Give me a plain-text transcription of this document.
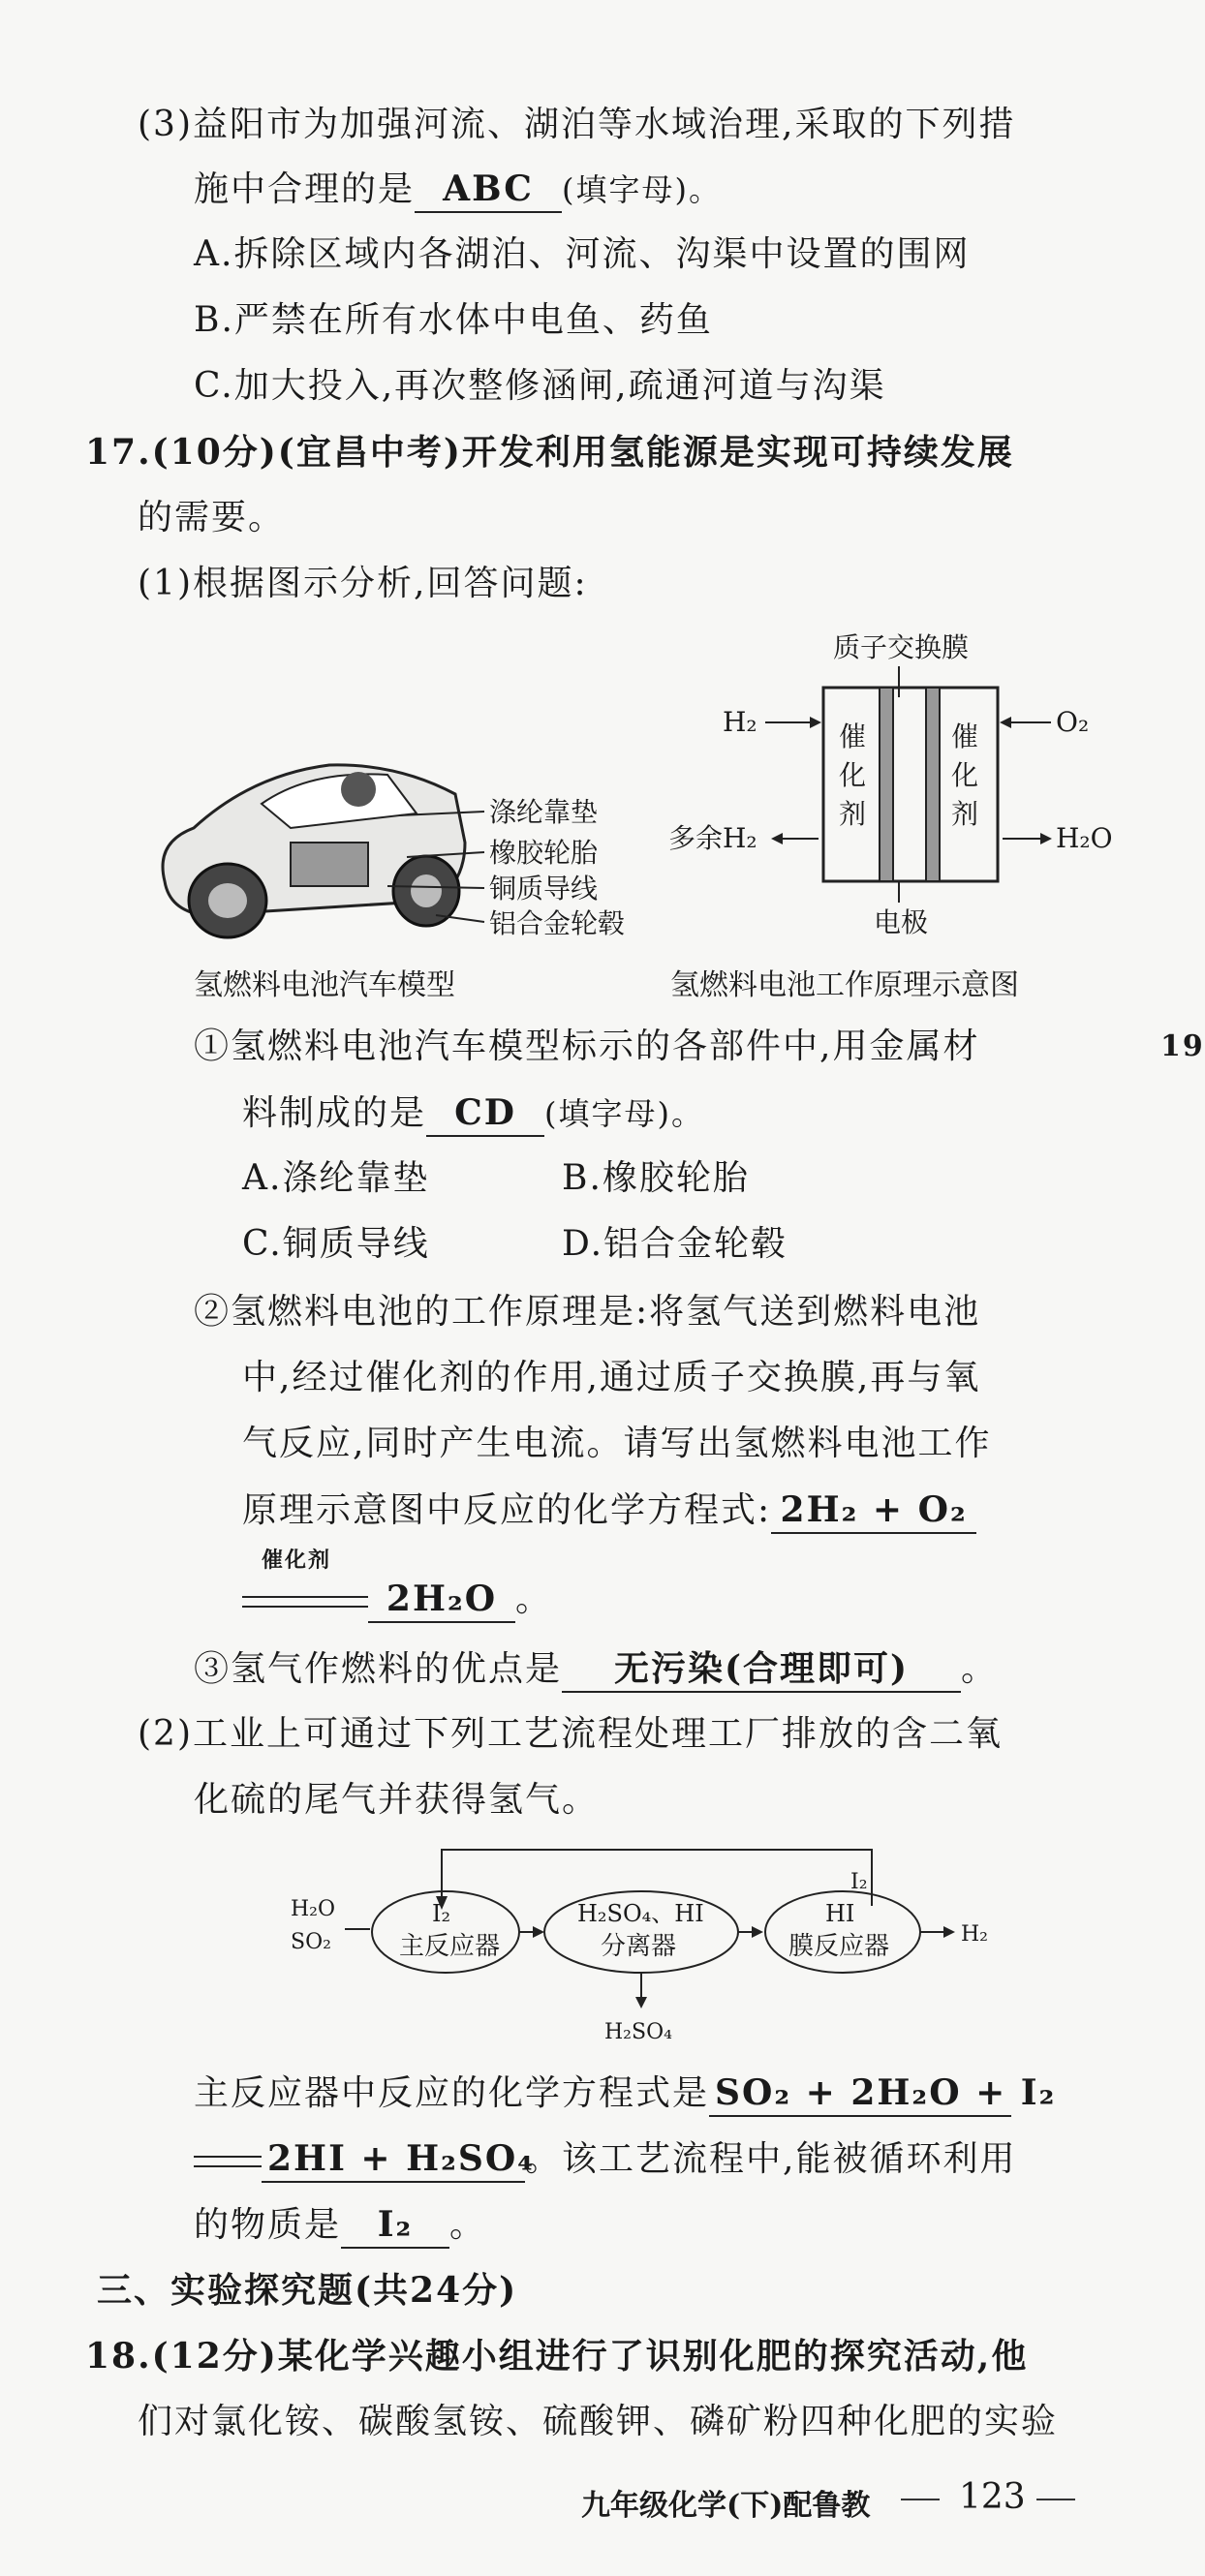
(3)益阳市为加强河流、湖泊等水域治理,采取的下列措
施中合理的是 ABC (填字母)。
A.拆除区域内各湖泊、河流、沟渠中设置的围网
B.严禁在所有水体中电鱼、药鱼
C.加大投入,再次整修涵闸,疏通河道与沟渠
17.(10分)(宜昌中考)开发利用氢能源是实现可持续发展
的需要。
(1)根据图示分析,回答问题:
涤纶靠垫
橡胶轮胎
铜质导线
铝合金轮毂
氢燃料电池汽车模型
质子交换膜
催
化
剂
催
化
剂
H₂	O₂
多余H₂	H₂O
电极
氢燃料电池工作原理示意图
①氢燃料电池汽车模型标示的各部件中,用金属材
料制成的是 CD (填字母)。
A.涤纶靠垫	B.橡胶轮胎
C.铜质导线	D.铝合金轮毂
②氢燃料电池的工作原理是:将氢气送到燃料电池
中,经过催化剂的作用,通过质子交换膜,再与氧
气反应,同时产生电流。请写出氢燃料电池工作
原理示意图中反应的化学方程式: 2H₂ + O₂
催化剂
2H₂O 。
③氢气作燃料的优点是 无污染(合理即可) 。
(2)工业上可通过下列工艺流程处理工厂排放的含二氧
化硫的尾气并获得氢气。
I₂
H₂O
SO₂
I₂
主反应器
H₂SO₄、HI
分离器
HI
膜反应器	H₂
H₂SO₄
主反应器中反应的化学方程式是 SO₂ + 2H₂O + I₂
2HI + H₂SO₄。该工艺流程中,能被循环利用
的物质是 I₂ 。
三、实验探究题(共24分)
18.(12分)某化学兴趣小组进行了识别化肥的探究活动,他
们对氯化铵、碳酸氢铵、硫酸钾、磷矿粉四种化肥的实验
九年级化学(下)配鲁教	123
19
